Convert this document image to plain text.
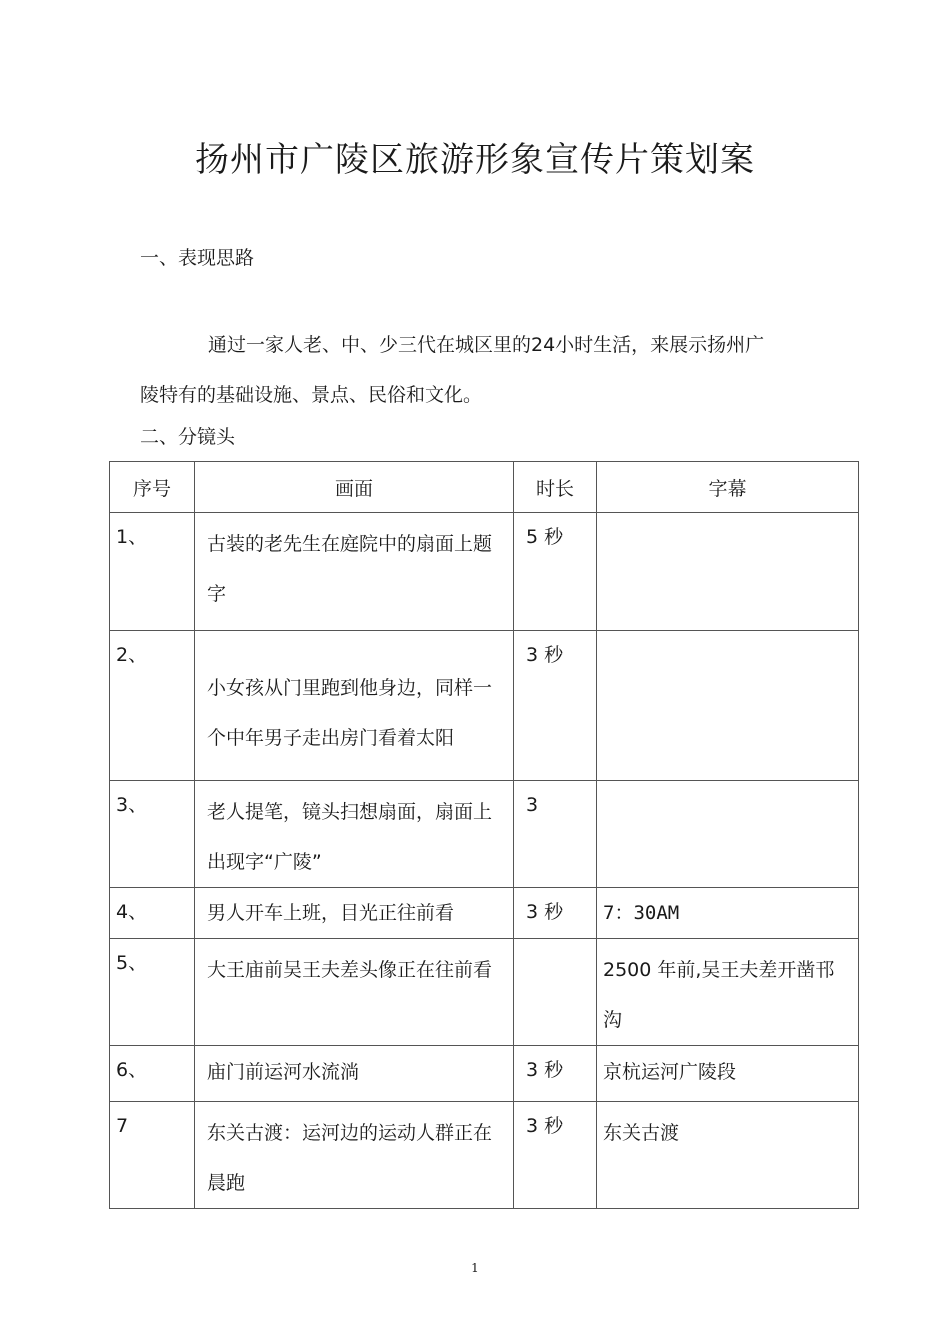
扬州市广陵区旅游形象宣传片策划案
一、表现思路
通过一家人老、中、少三代在城区里的24小时生活，来展示扬州广陵特有的基础设施、景点、民俗和文化。
二、分镜头
序号	画面	时长	字幕

1、	古装的老先生在庭院中的扇面上题字	5 秒	

2、	小女孩从门里跑到他身边，同样一个中年男子走出房门看着太阳	3 秒	

3、	老人提笔，镜头扫想扇面，扇面上出现字“广陵”	3	

4、	男人开车上班，目光正往前看	3 秒	7：30AM

5、	大王庙前吴王夫差头像正在往前看		2500 年前,吴王夫差开凿邗沟

6、	庙门前运河水流淌	3 秒	京杭运河广陵段

7	东关古渡：运河边的运动人群正在晨跑	3 秒	东关古渡
1
